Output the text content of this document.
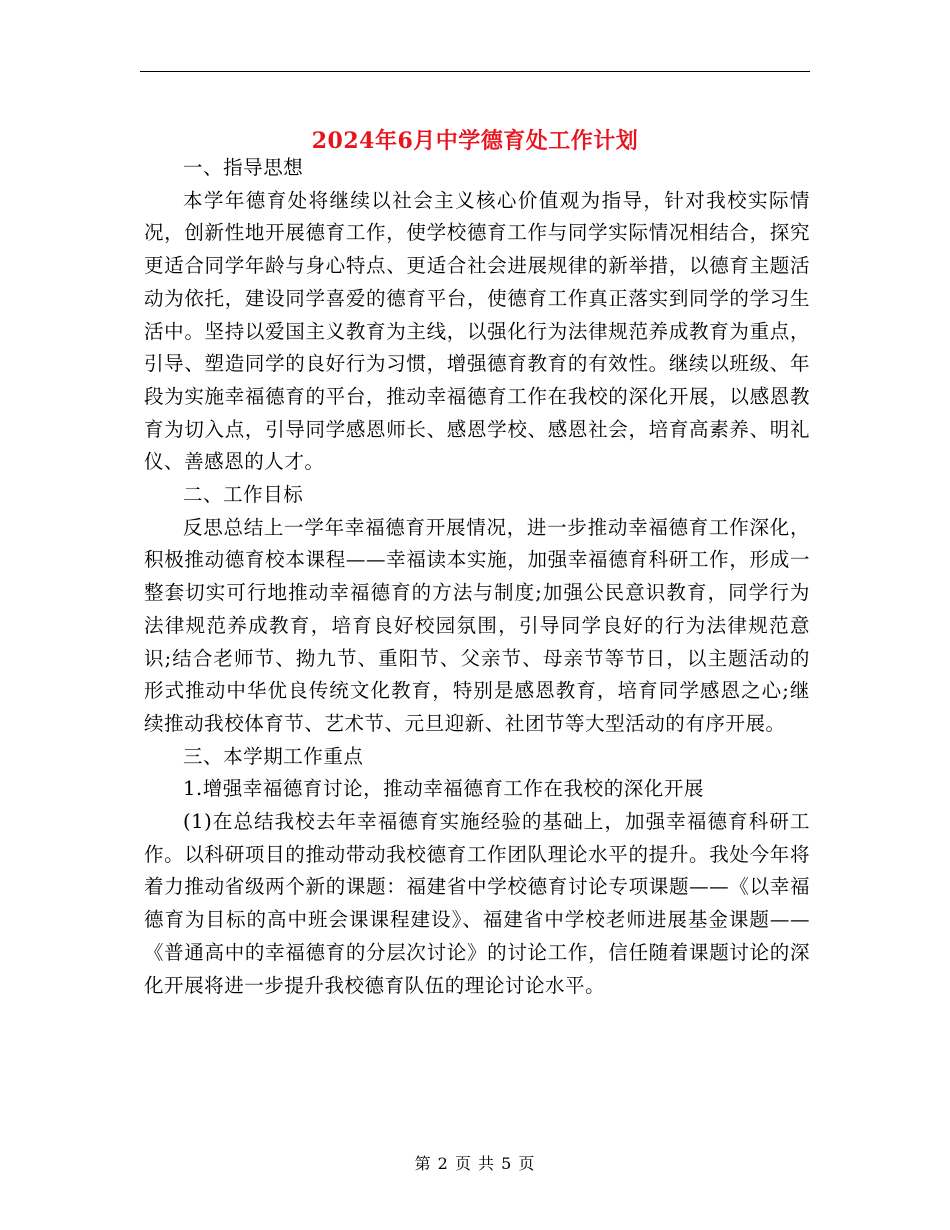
2024年6月中学德育处工作计划

一、指导思想

本学年德育处将继续以社会主义核心价值观为指导，针对我校实际情况，创新性地开展德育工作，使学校德育工作与同学实际情况相结合，探究更适合同学年龄与身心特点、更适合社会进展规律的新举措，以德育主题活动为依托，建设同学喜爱的德育平台，使德育工作真正落实到同学的学习生活中。坚持以爱国主义教育为主线，以强化行为法律规范养成教育为重点，引导、塑造同学的良好行为习惯，增强德育教育的有效性。继续以班级、年段为实施幸福德育的平台，推动幸福德育工作在我校的深化开展，以感恩教育为切入点，引导同学感恩师长、感恩学校、感恩社会，培育高素养、明礼仪、善感恩的人才。

二、工作目标

反思总结上一学年幸福德育开展情况，进一步推动幸福德育工作深化，积极推动德育校本课程——幸福读本实施，加强幸福德育科研工作，形成一整套切实可行地推动幸福德育的方法与制度;加强公民意识教育，同学行为法律规范养成教育，培育良好校园氛围，引导同学良好的行为法律规范意识;结合老师节、拗九节、重阳节、父亲节、母亲节等节日，以主题活动的形式推动中华优良传统文化教育，特别是感恩教育，培育同学感恩之心;继续推动我校体育节、艺术节、元旦迎新、社团节等大型活动的有序开展。

三、本学期工作重点

1.增强幸福德育讨论，推动幸福德育工作在我校的深化开展

(1)在总结我校去年幸福德育实施经验的基础上，加强幸福德育科研工作。以科研项目的推动带动我校德育工作团队理论水平的提升。我处今年将着力推动省级两个新的课题：福建省中学校德育讨论专项课题——《以幸福德育为目标的高中班会课课程建设》、福建省中学校老师进展基金课题——《普通高中的幸福德育的分层次讨论》的讨论工作，信任随着课题讨论的深化开展将进一步提升我校德育队伍的理论讨论水平。

第 2 页 共 5 页
